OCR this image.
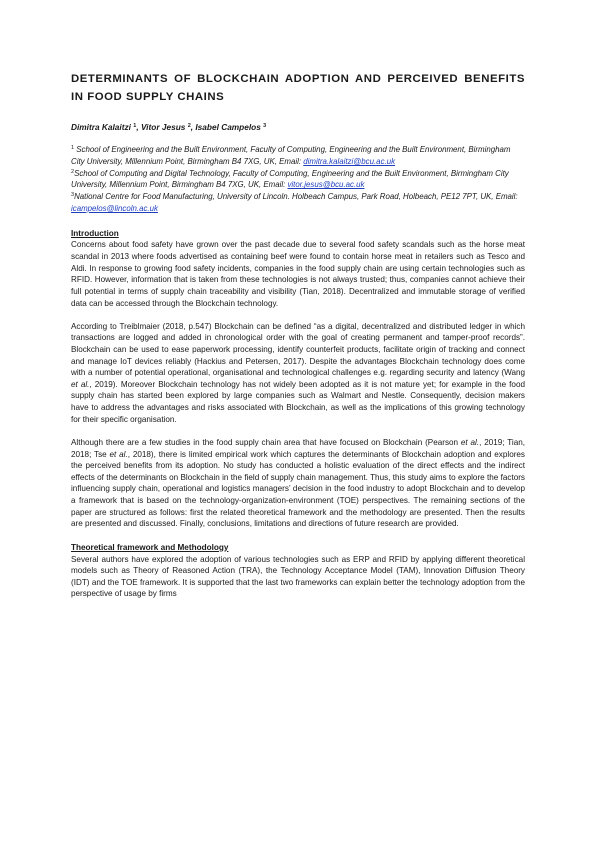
DETERMINANTS OF BLOCKCHAIN ADOPTION AND PERCEIVED BENEFITS IN FOOD SUPPLY CHAINS
Dimitra Kalaitzi $^1$, Vitor Jesus $^2$, Isabel Campelos $^3$
$^1$ School of Engineering and the Built Environment, Faculty of Computing, Engineering and the Built Environment, Birmingham City University, Millennium Point, Birmingham B4 7XG, UK, Email: dimitra.kalaitzi@bcu.ac.uk
$^2$School of Computing and Digital Technology, Faculty of Computing, Engineering and the Built Environment, Birmingham City University, Millennium Point, Birmingham B4 7XG, UK, Email: vitor.jesus@bcu.ac.uk
$^3$National Centre for Food Manufacturing, University of Lincoln. Holbeach Campus, Park Road, Holbeach, PE12 7PT, UK, Email: icampelos@lincoln.ac.uk
Introduction

Concerns about food safety have grown over the past decade due to several food safety scandals such as the horse meat scandal in 2013 where foods advertised as containing beef were found to contain horse meat in retailers such as Tesco and Aldi. In response to growing food safety incidents, companies in the food supply chain are using certain technologies such as RFID. However, information that is taken from these technologies is not always trusted; thus, companies cannot achieve their full potential in terms of supply chain traceability and visibility (Tian, 2018). Decentralized and immutable storage of verified data can be accessed through the Blockchain technology.

According to Treiblmaier (2018, p.547) Blockchain can be defined “as a digital, decentralized and distributed ledger in which transactions are logged and added in chronological order with the goal of creating permanent and tamper-proof records”. Blockchain can be used to ease paperwork processing, identify counterfeit products, facilitate origin of tracking and connect and manage IoT devices reliably (Hackius and Petersen, 2017). Despite the advantages Blockchain technology does come with a number of potential operational, organisational and technological challenges e.g. regarding security and latency (Wang et al., 2019). Moreover Blockchain technology has not widely been adopted as it is not mature yet; for example in the food supply chain has started been explored by large companies such as Walmart and Nestle. Consequently, decision makers have to address the advantages and risks associated with Blockchain, as well as the implications of this growing technology for their specific organisation.

Although there are a few studies in the food supply chain area that have focused on Blockchain (Pearson et al., 2019; Tian, 2018; Tse et al., 2018), there is limited empirical work which captures the determinants of Blockchain adoption and explores the perceived benefits from its adoption. No study has conducted a holistic evaluation of the direct effects and the indirect effects of the determinants on Blockchain in the field of supply chain management. Thus, this study aims to explore the factors influencing supply chain, operational and logistics managers’ decision in the food industry to adopt Blockchain and to develop a framework that is based on the technology-organization-environment (TOE) perspectives. The remaining sections of the paper are structured as follows: first the related theoretical framework and the methodology are presented. Then the results are presented and discussed. Finally, conclusions, limitations and directions of future research are provided.

Theoretical framework and Methodology

Several authors have explored the adoption of various technologies such as ERP and RFID by applying different theoretical models such as Theory of Reasoned Action (TRA), the Technology Acceptance Model (TAM), Innovation Diffusion Theory (IDT) and the TOE framework. It is supported that the last two frameworks can explain better the technology adoption from the perspective of usage by firms
